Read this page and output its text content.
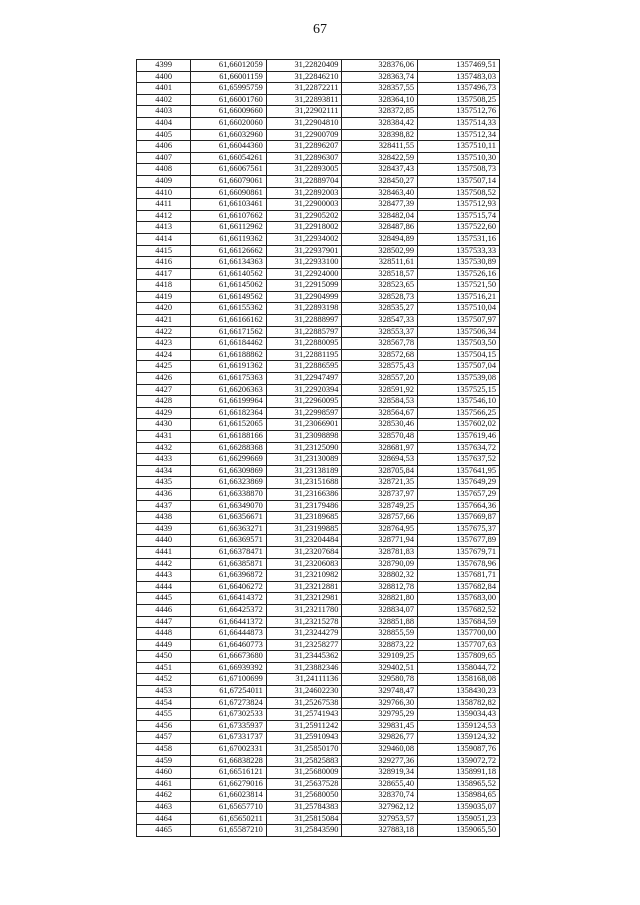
67
4399	61,66012059	31,22820409	328376,06	1357469,51
4400	61,66001159	31,22846210	328363,74	1357483,03
4401	61,65995759	31,22872211	328357,55	1357496,73
4402	61,66001760	31,22893811	328364,10	1357508,25
4403	61,66009660	31,22902111	328372,85	1357512,76
4404	61,66020060	31,22904810	328384,42	1357514,33
4405	61,66032960	31,22900709	328398,82	1357512,34
4406	61,66044360	31,22896207	328411,55	1357510,11
4407	61,66054261	31,22896307	328422,59	1357510,30
4408	61,66067561	31,22893005	328437,43	1357508,73
4409	61,66079061	31,22889704	328450,27	1357507,14
4410	61,66090861	31,22892003	328463,40	1357508,52
4411	61,66103461	31,22900003	328477,39	1357512,93
4412	61,66107662	31,22905202	328482,04	1357515,74
4413	61,66112962	31,22918002	328487,86	1357522,60
4414	61,66119362	31,22934002	328494,89	1357531,16
4415	61,66126662	31,22937901	328502,99	1357533,33
4416	61,66134363	31,22933100	328511,61	1357530,89
4417	61,66140562	31,22924000	328518,57	1357526,16
4418	61,66145062	31,22915099	328523,65	1357521,50
4419	61,66149562	31,22904999	328528,73	1357516,21
4420	61,66155362	31,22893198	328535,27	1357510,04
4421	61,66166162	31,22888997	328547,33	1357507,97
4422	61,66171562	31,22885797	328553,37	1357506,34
4423	61,66184462	31,22880095	328567,78	1357503,50
4424	61,66188862	31,22881195	328572,68	1357504,15
4425	61,66191362	31,22886595	328575,43	1357507,04
4426	61,66175363	31,22947497	328557,20	1357539,08
4427	61,66206363	31,22920394	328591,92	1357525,15
4428	61,66199964	31,22960095	328584,53	1357546,10
4429	61,66182364	31,22998597	328564,67	1357566,25
4430	61,66152065	31,23066901	328530,46	1357602,02
4431	61,66188166	31,23098898	328570,48	1357619,46
4432	61,66288368	31,23125090	328681,97	1357634,72
4433	61,66299669	31,23130089	328694,53	1357637,52
4434	61,66309869	31,23138189	328705,84	1357641,95
4435	61,66323869	31,23151688	328721,35	1357649,29
4436	61,66338870	31,23166386	328737,97	1357657,29
4437	61,66349070	31,23179486	328749,25	1357664,36
4438	61,66356671	31,23189685	328757,66	1357669,87
4439	61,66363271	31,23199885	328764,95	1357675,37
4440	61,66369571	31,23204484	328771,94	1357677,89
4441	61,66378471	31,23207684	328781,83	1357679,71
4442	61,66385871	31,23206083	328790,09	1357678,96
4443	61,66396872	31,23210982	328802,32	1357681,71
4444	61,66406272	31,23212881	328812,78	1357682,84
4445	61,66414372	31,23212981	328821,80	1357683,00
4446	61,66425372	31,23211780	328834,07	1357682,52
4447	61,66441372	31,23215278	328851,88	1357684,59
4448	61,66444873	31,23244279	328855,59	1357700,00
4449	61,66460773	31,23258277	328873,22	1357707,63
4450	61,66673680	31,23445362	329109,25	1357809,65
4451	61,66939392	31,23882346	329402,51	1358044,72
4452	61,67100699	31,24111136	329580,78	1358168,08
4453	61,67254011	31,24602230	329748,47	1358430,23
4454	61,67273824	31,25267538	329766,30	1358782,82
4455	61,67302533	31,25741943	329795,29	1359034,43
4456	61,67335937	31,25911242	329831,45	1359124,53
4457	61,67331737	31,25910943	329826,77	1359124,32
4458	61,67002331	31,25850170	329460,08	1359087,76
4459	61,66838228	31,25825883	329277,36	1359072,72
4460	61,66516121	31,25680009	328919,34	1358991,18
4461	61,66279016	31,25637528	328655,40	1358965,52
4462	61,66023814	31,25680050	328370,74	1358984,65
4463	61,65657710	31,25784383	327962,12	1359035,07
4464	61,65650211	31,25815084	327953,57	1359051,23
4465	61,65587210	31,25843590	327883,18	1359065,50
